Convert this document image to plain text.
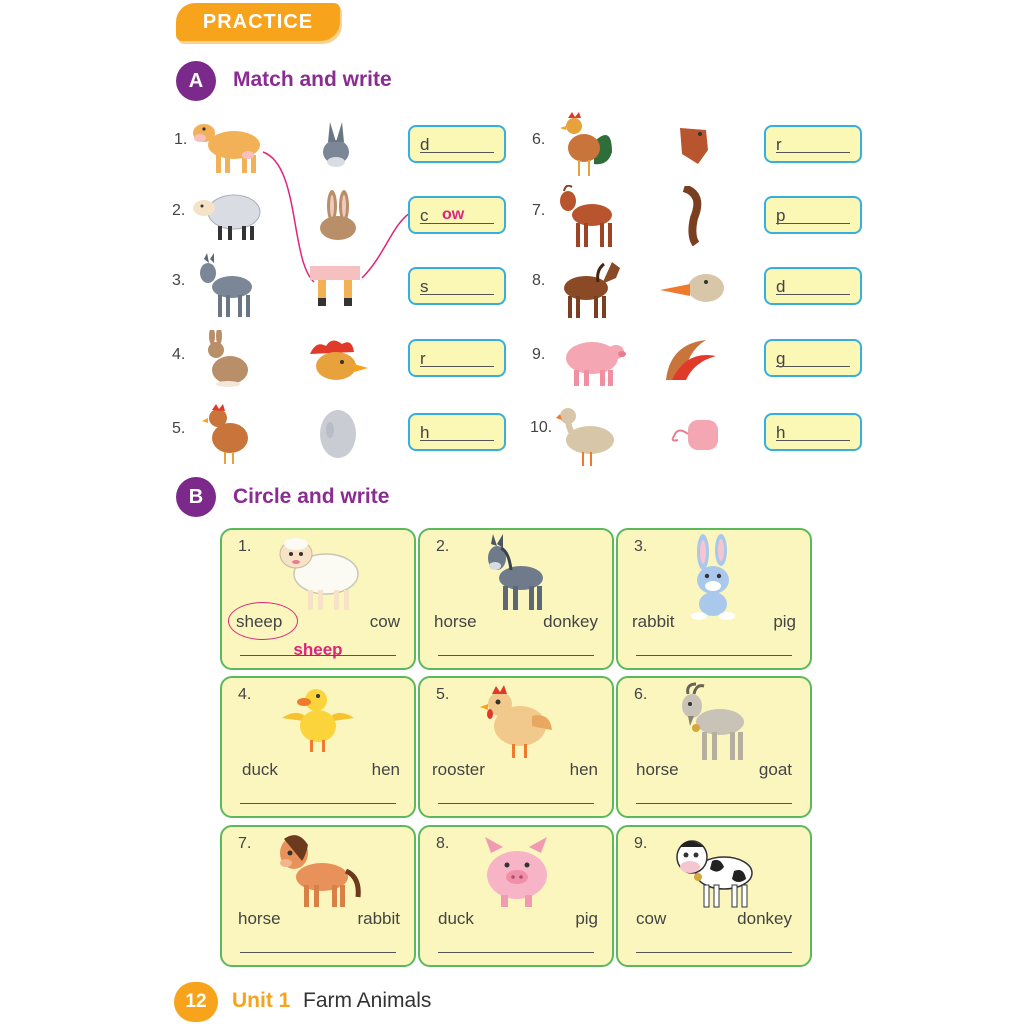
PRACTICE
A	Match and write
1.
2.
3.
4.
5.
6.
7.
8.
9.
10.
d
c ow
s
r
h
r
p
d
g
h
B	Circle and write
1.
sheep	cow
sheep
2.
horse	donkey
3.
rabbit	pig
4.
duck	hen
5.
rooster	hen
6.
horse	goat
7.
horse	rabbit
8.
duck	pig
9.
cow	donkey
12	Unit 1 Farm Animals
